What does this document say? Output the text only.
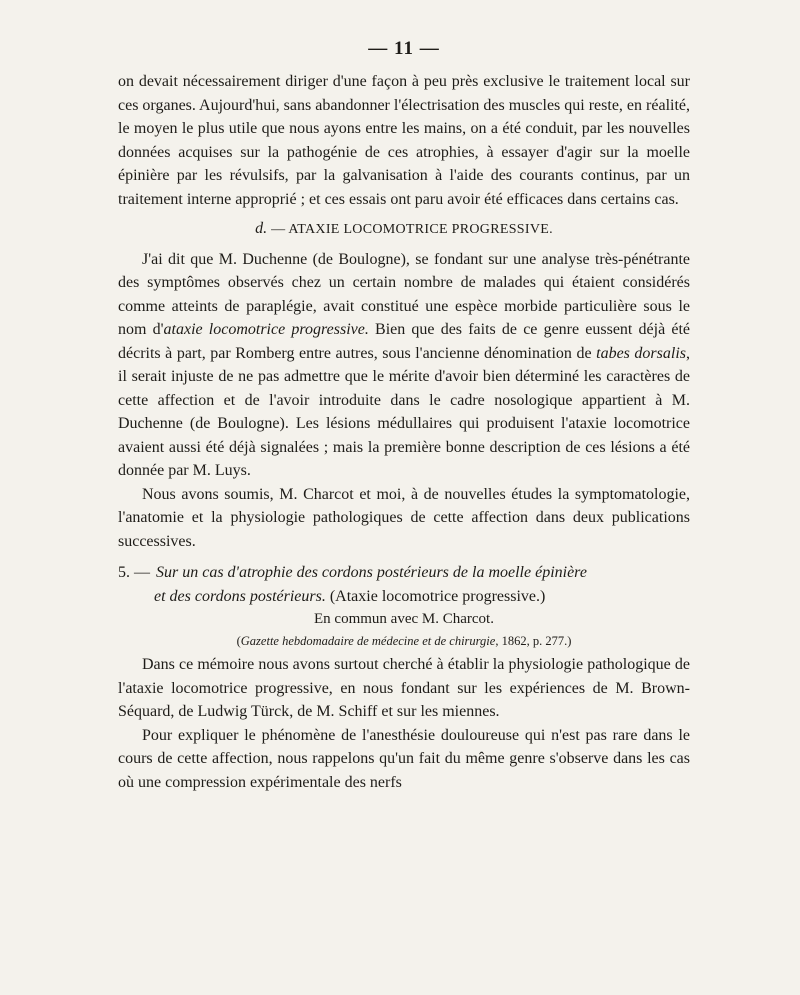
— 11 —

on devait nécessairement diriger d'une façon à peu près exclusive le traitement local sur ces organes. Aujourd'hui, sans abandonner l'électrisation des muscles qui reste, en réalité, le moyen le plus utile que nous ayons entre les mains, on a été conduit, par les nouvelles données acquises sur la pathogénie de ces atrophies, à essayer d'agir sur la moelle épinière par les révulsifs, par la galvanisation à l'aide des courants continus, par un traitement interne approprié ; et ces essais ont paru avoir été efficaces dans certains cas.

d. — ATAXIE LOCOMOTRICE PROGRESSIVE.

J'ai dit que M. Duchenne (de Boulogne), se fondant sur une analyse très-pénétrante des symptômes observés chez un certain nombre de malades qui étaient considérés comme atteints de paraplégie, avait constitué une espèce morbide particulière sous le nom d'ataxie locomotrice progressive. Bien que des faits de ce genre eussent déjà été décrits à part, par Romberg entre autres, sous l'ancienne dénomination de tabes dorsalis, il serait injuste de ne pas admettre que le mérite d'avoir bien déterminé les caractères de cette affection et de l'avoir introduite dans le cadre nosologique appartient à M. Duchenne (de Boulogne). Les lésions médullaires qui produisent l'ataxie locomotrice avaient aussi été déjà signalées ; mais la première bonne description de ces lésions a été donnée par M. Luys.

Nous avons soumis, M. Charcot et moi, à de nouvelles études la symptomatologie, l'anatomie et la physiologie pathologiques de cette affection dans deux publications successives.

5. — Sur un cas d'atrophie des cordons postérieurs de la moelle épinière
et des cordons postérieurs. (Ataxie locomotrice progressive.)
En commun avec M. Charcot.
(Gazette hebdomadaire de médecine et de chirurgie, 1862, p. 277.)

Dans ce mémoire nous avons surtout cherché à établir la physiologie pathologique de l'ataxie locomotrice progressive, en nous fondant sur les expériences de M. Brown-Séquard, de Ludwig Türck, de M. Schiff et sur les miennes.

Pour expliquer le phénomène de l'anesthésie douloureuse qui n'est pas rare dans le cours de cette affection, nous rappelons qu'un fait du même genre s'observe dans les cas où une compression expérimentale des nerfs
